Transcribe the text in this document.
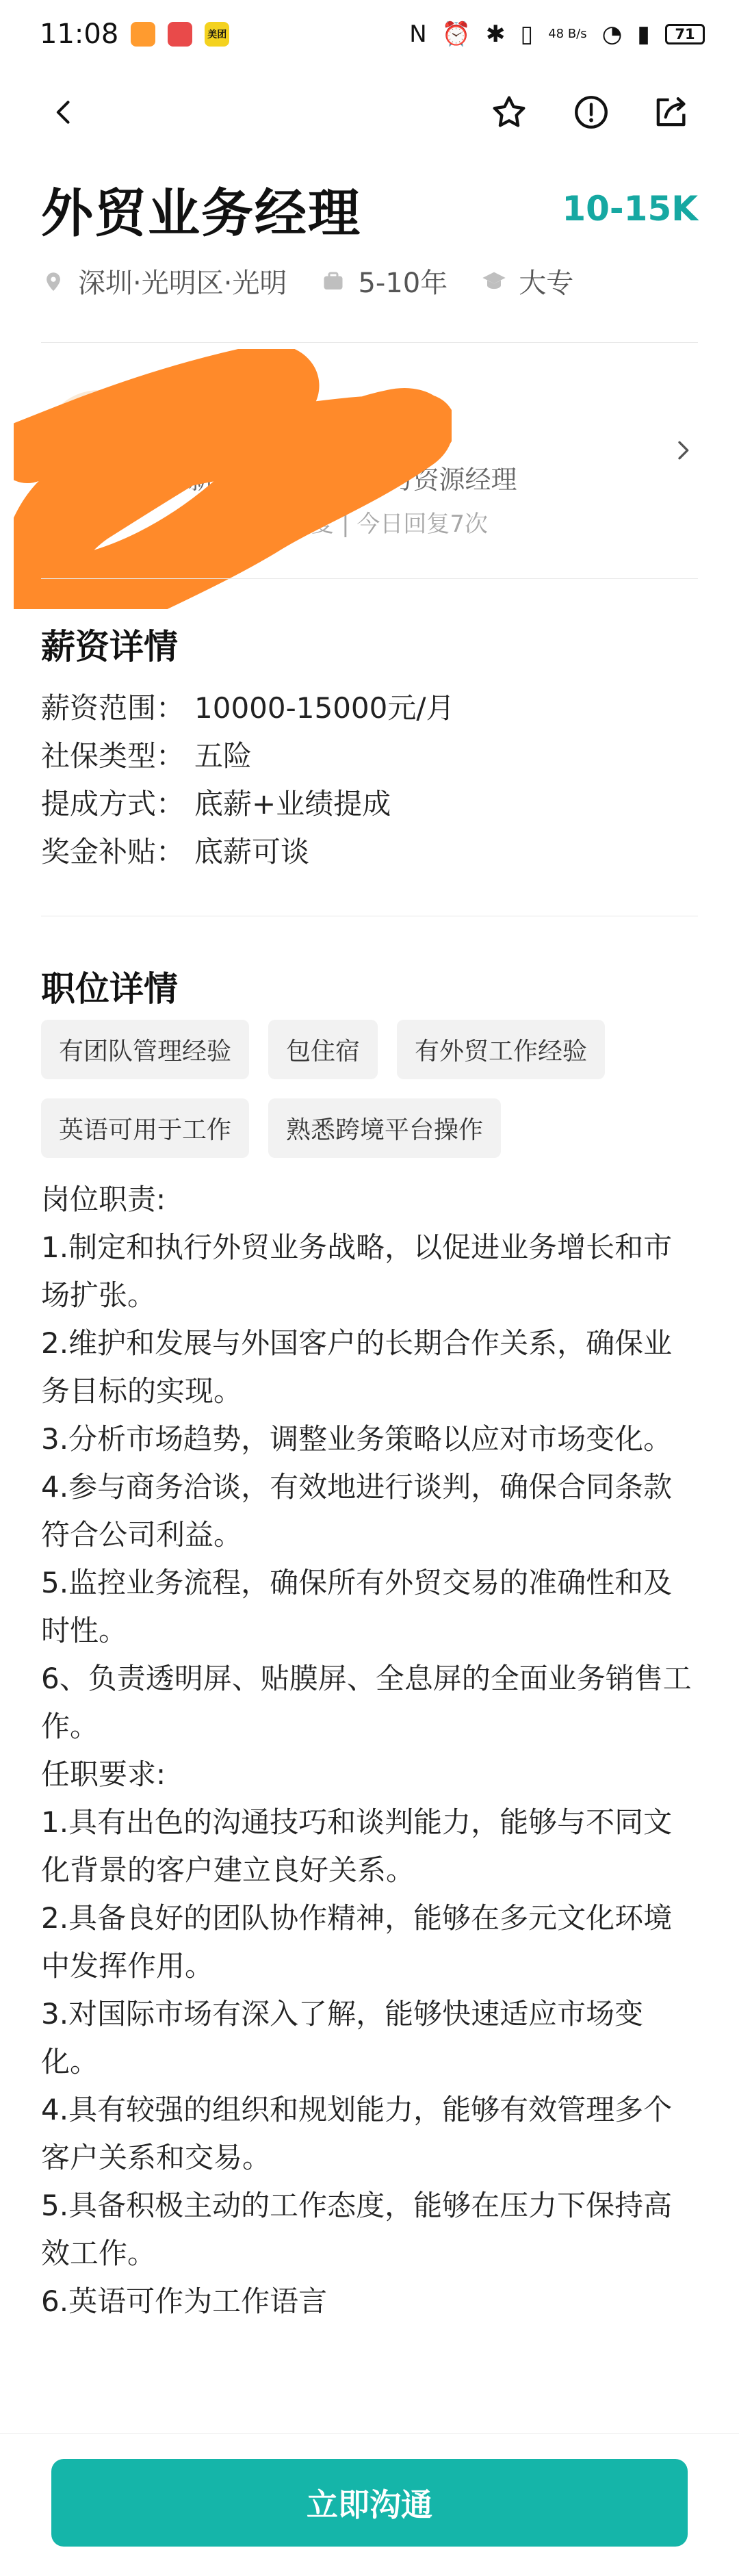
11:08	美团	N ⏰ ✱ ▯ 48 B/s ◔ ▮	71
外贸业务经理	10-15K
深圳·光明区·光明	5-10年	大专
新起点光电 • 人力资源经理
19分钟前回复 | 今日回复7次
薪资详情
薪资范围： 10000-15000元/月
社保类型： 五险
提成方式： 底薪+业绩提成
奖金补贴： 底薪可谈
职位详情
有团队管理经验	包住宿	有外贸工作经验
英语可用于工作	熟悉跨境平台操作
岗位职责:
1.制定和执行外贸业务战略，以促进业务增长和市场扩张。
2.维护和发展与外国客户的长期合作关系，确保业务目标的实现。
3.分析市场趋势，调整业务策略以应对市场变化。
4.参与商务洽谈，有效地进行谈判，确保合同条款符合公司利益。
5.监控业务流程，确保所有外贸交易的准确性和及时性。
6、负责透明屏、贴膜屏、全息屏的全面业务销售工作。
任职要求:
1.具有出色的沟通技巧和谈判能力，能够与不同文化背景的客户建立良好关系。
2.具备良好的团队协作精神，能够在多元文化环境中发挥作用。
3.对国际市场有深入了解，能够快速适应市场变化。
4.具有较强的组织和规划能力，能够有效管理多个客户关系和交易。
5.具备积极主动的工作态度，能够在压力下保持高效工作。
6.英语可作为工作语言
立即沟通
